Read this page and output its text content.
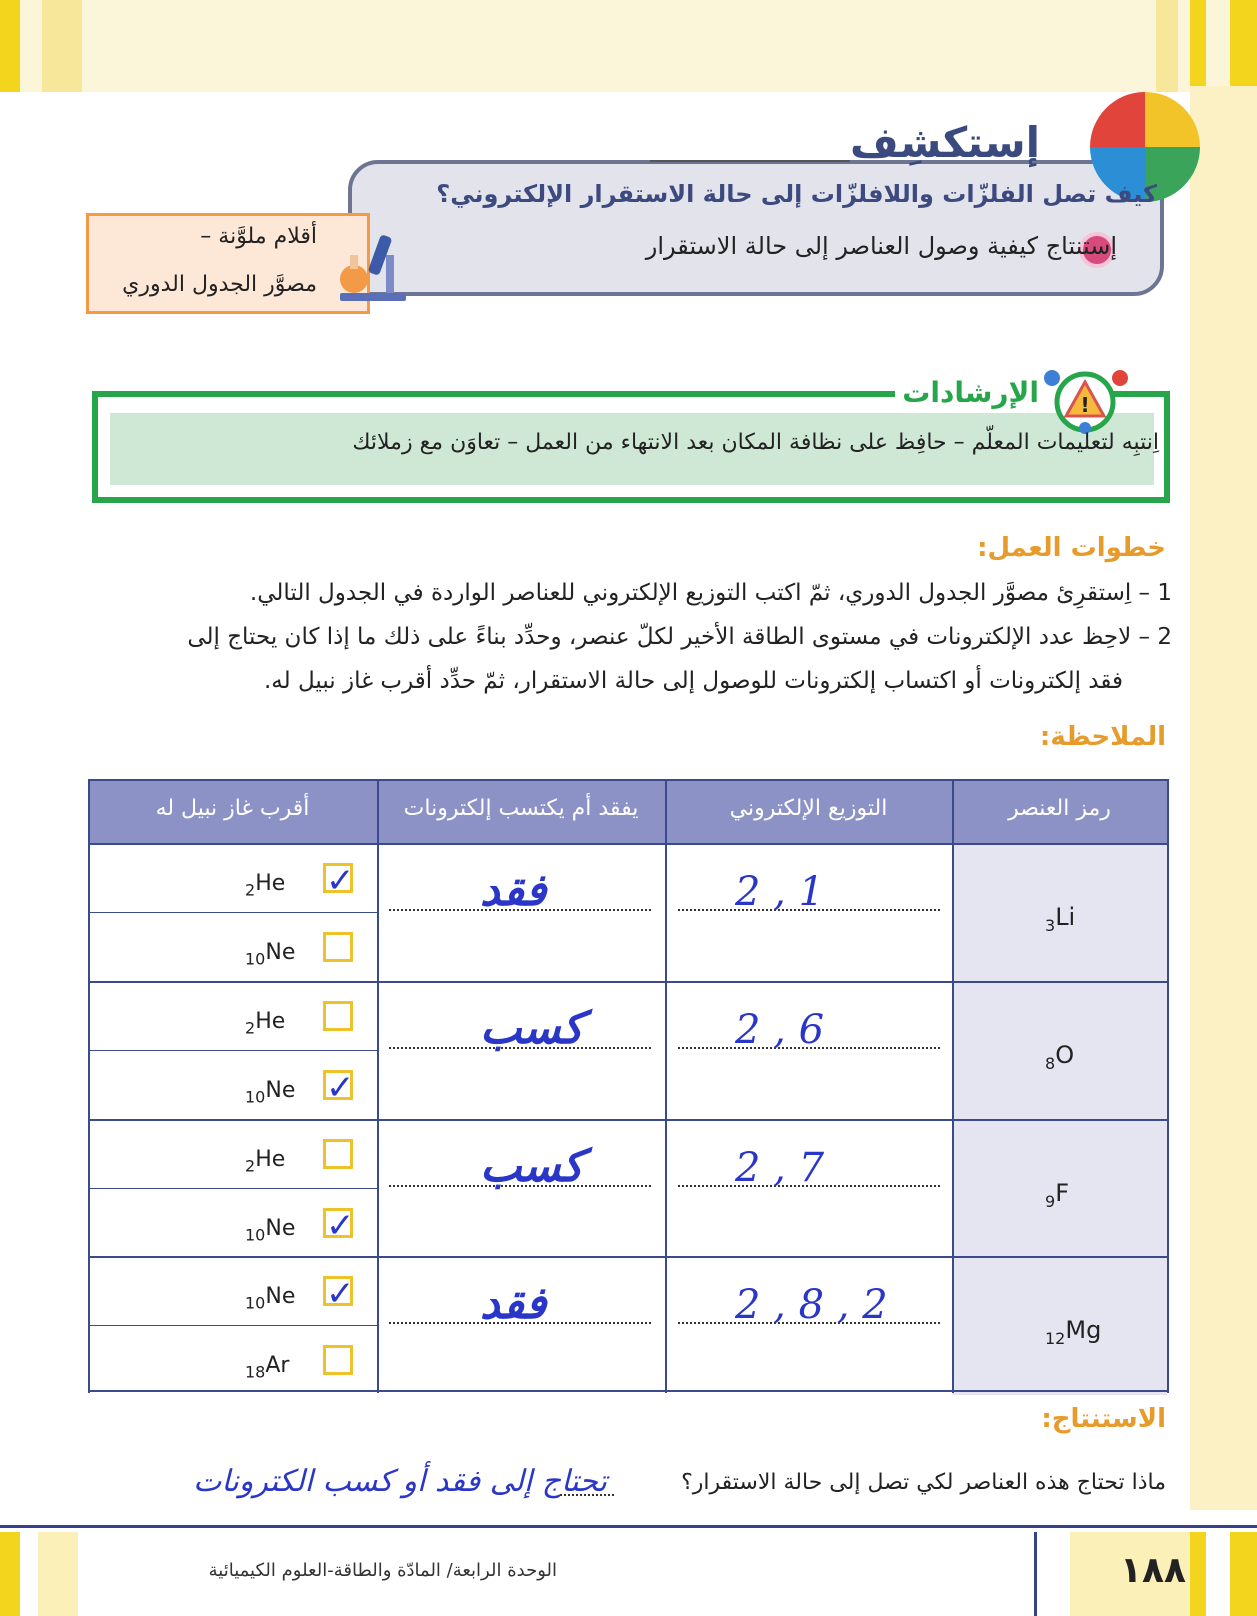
إستكشِف
كيف تصل الفلزّات واللافلزّات إلى حالة الاستقرار الإلكتروني؟
إستنتاج كيفية وصول العناصر إلى حالة الاستقرار
أقلام ملوَّنة –
مصوَّر الجدول الدوري
الإرشادات !
اِنتبِه لتعليمات المعلّم – حافِظ على نظافة المكان بعد الانتهاء من العمل – تعاوَن مع زملائك
خطوات العمل:
1 – اِستقرِئ مصوَّر الجدول الدوري، ثمّ اكتب التوزيع الإلكتروني للعناصر الواردة في الجدول التالي.
2 – لاحِظ عدد الإلكترونات في مستوى الطاقة الأخير لكلّ عنصر، وحدِّد بناءً على ذلك ما إذا كان يحتاج إلى
فقد إلكترونات أو اكتساب إلكترونات للوصول إلى حالة الاستقرار، ثمّ حدِّد أقرب غاز نبيل له.
الملاحظة:
رمز العنصر
التوزيع الإلكتروني
يفقد أم يكتسب إلكترونات
أقرب غاز نبيل له
$_3$Li
2 , 1
فقد
$_2$He ✓
$_{10}$Ne
$_8$O
2 , 6
كسب
$_2$He
$_{10}$Ne ✓
$_9$F
2 , 7
كسب
$_2$He
$_{10}$Ne ✓
$_{12}$Mg
2 , 8 , 2
فقد
$_{10}$Ne ✓
$_{18}$Ar
الاستنتاج:
ماذا تحتاج هذه العناصر لكي تصل إلى حالة الاستقرار؟
تحتاج إلى فقد أو كسب الكترونات
الوحدة الرابعة/ المادّة والطاقة-العلوم الكيميائية	١٨٨
